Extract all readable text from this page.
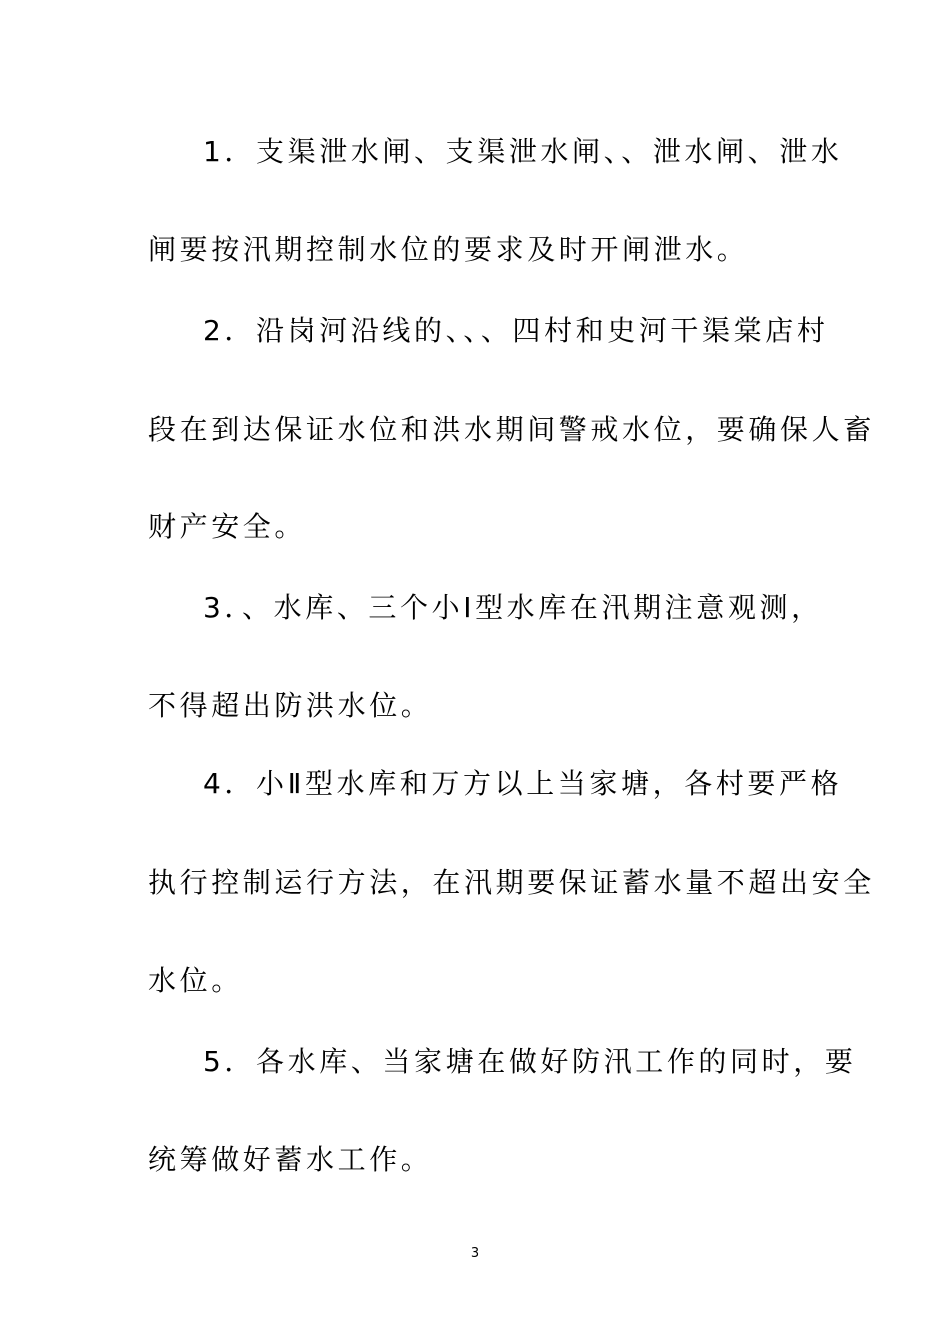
1．支渠泄水闸、支渠泄水闸、、泄水闸、泄水
闸要按汛期控制水位的要求及时开闸泄水。
2．沿岗河沿线的、、、四村和史河干渠棠店村
段在到达保证水位和洪水期间警戒水位，要确保人畜
财产安全。
3．、水库、三个小Ⅰ型水库在汛期注意观测，
不得超出防洪水位。
4．小Ⅱ型水库和万方以上当家塘，各村要严格
执行控制运行方法，在汛期要保证蓄水量不超出安全
水位。
5．各水库、当家塘在做好防汛工作的同时，要
统筹做好蓄水工作。
3
